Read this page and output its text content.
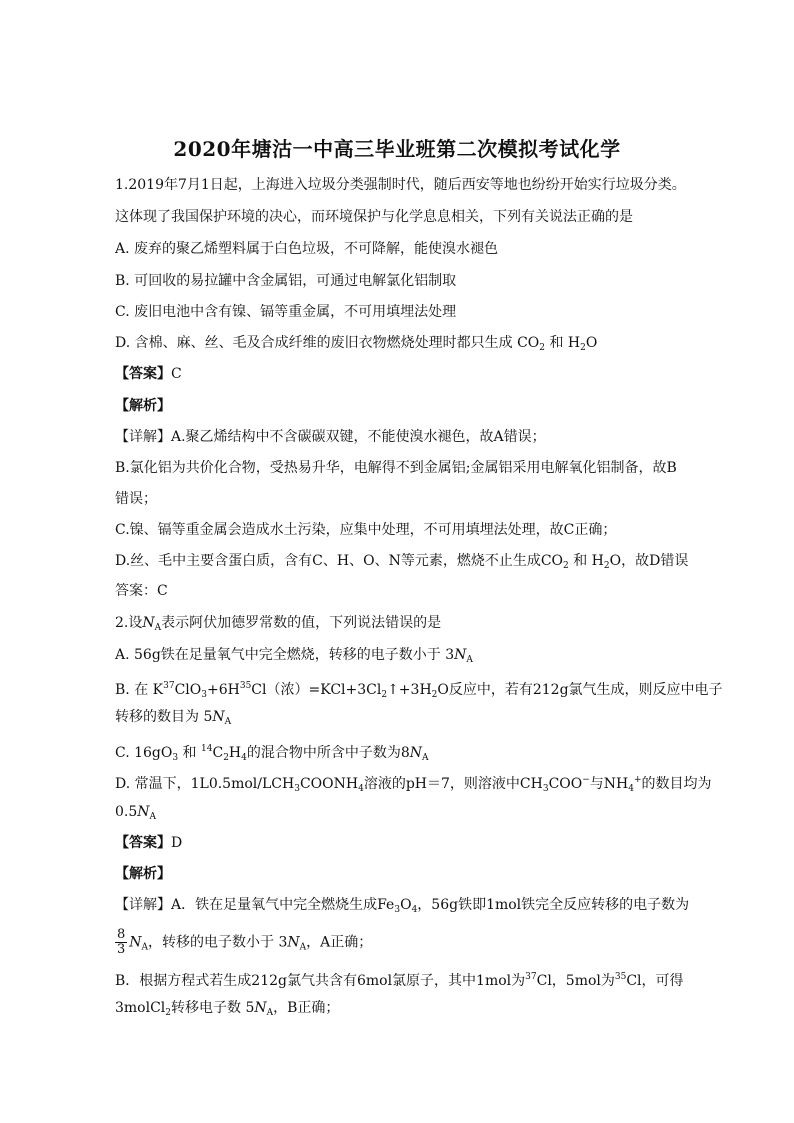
2020年塘沽一中高三毕业班第二次模拟考试化学
1.2019年7月1日起，上海进入垃圾分类强制时代，随后西安等地也纷纷开始实行垃圾分类。
这体现了我国保护环境的决心，而环境保护与化学息息相关，下列有关说法正确的是
A. 废弃的聚乙烯塑料属于白色垃圾，不可降解，能使溴水褪色
B. 可回收的易拉罐中含金属铝，可通过电解氯化铝制取
C. 废旧电池中含有镍、镉等重金属，不可用填埋法处理
D. 含棉、麻、丝、毛及合成纤维的废旧衣物燃烧处理时都只生成 $CO_2$ 和 $H_2O$
【答案】C
【解析】
【详解】A.聚乙烯结构中不含碳碳双键，不能使溴水褪色，故A错误；
B.氯化铝为共价化合物，受热易升华，电解得不到金属铝;金属铝采用电解氧化铝制备，故B
错误；
C.镍、镉等重金属会造成水土污染，应集中处理，不可用填埋法处理，故C正确；
D.丝、毛中主要含蛋白质，含有C、H、O、N等元素，燃烧不止生成$CO_2$ 和 $H_2O$，故D错误
答案：C
2.设$N_A$表示阿伏加德罗常数的值，下列说法错误的是
A. 56g铁在足量氧气中完全燃烧，转移的电子数小于 $3N_A$
B. 在 $K^{37}ClO_3+6H^{35}Cl$（浓）$=KCl+3Cl_2↑+3H_2O$反应中，若有212g氯气生成，则反应中电子
转移的数目为 $5N_A$
C. $16gO_3$ 和 $^{14}C_2H_4$的混合物中所含中子数为$8N_A$
D. 常温下，$1L0.5mol/LCH_3COONH_4$溶液的pH＝7，则溶液中$CH_3COO^-$与$NH_4^+$的数目均为
$0.5N_A$
【答案】D
【解析】
【详解】A．铁在足量氧气中完全燃烧生成$Fe_3O_4$，56g铁即1mol铁完全反应转移的电子数为
$\frac{8}{3} N_A$，转移的电子数小于 $3N_A$，A正确；
B．根据方程式若生成212g氯气共含有6mol氯原子，其中1mol为$^{37}$Cl，5mol为$^{35}$Cl，可得
3molCl$_2$转移电子数 $5N_A$，B正确；
